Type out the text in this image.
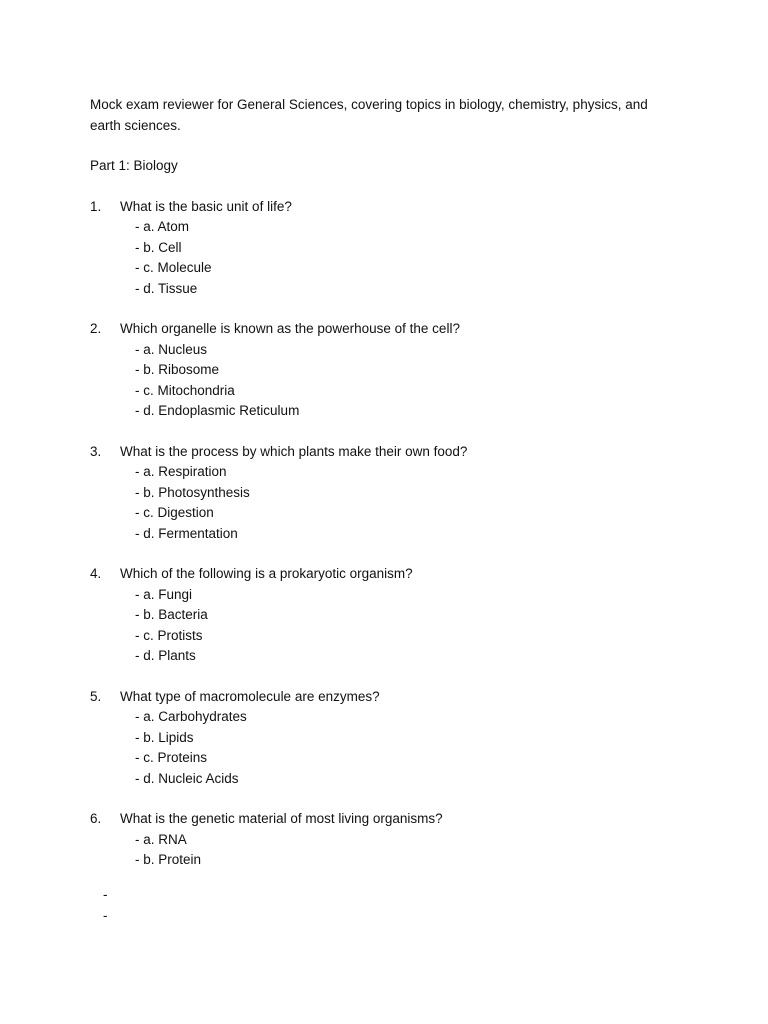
Mock exam reviewer for General Sciences, covering topics in biology, chemistry, physics, and earth sciences.

Part 1: Biology

1.	What is the basic unit of life?
- a. Atom
- b. Cell
- c. Molecule
- d. Tissue
2.	Which organelle is known as the powerhouse of the cell?
- a. Nucleus
- b. Ribosome
- c. Mitochondria
- d. Endoplasmic Reticulum
3.	What is the process by which plants make their own food?
- a. Respiration
- b. Photosynthesis
- c. Digestion
- d. Fermentation
4.	Which of the following is a prokaryotic organism?
- a. Fungi
- b. Bacteria
- c. Protists
- d. Plants
5.	What type of macromolecule are enzymes?
- a. Carbohydrates
- b. Lipids
- c. Proteins
- d. Nucleic Acids
6.	What is the genetic material of most living organisms?
- a. RNA
- b. Protein
-
-
